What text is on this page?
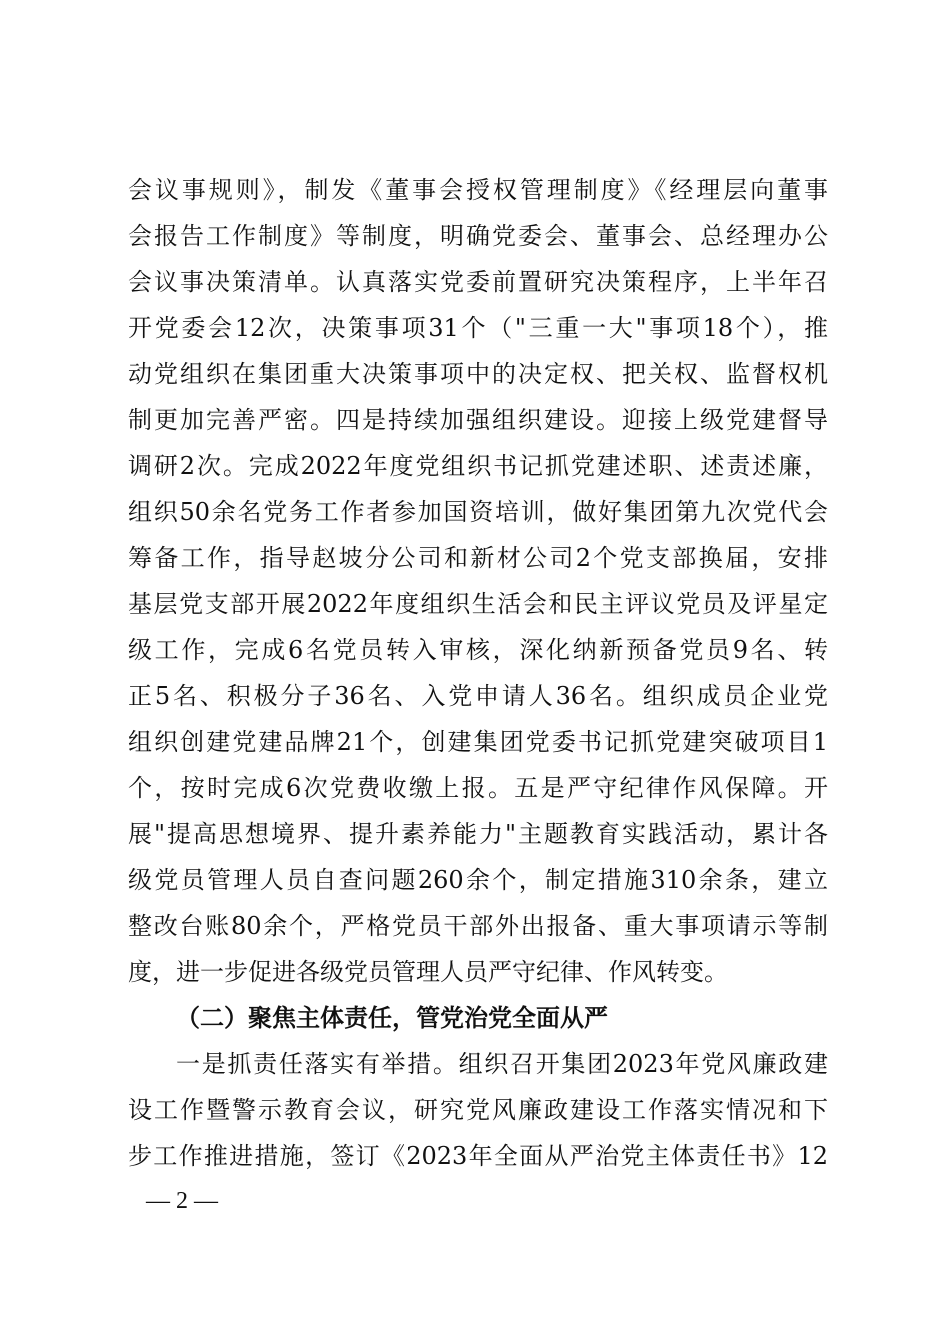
会议事规则》，制发《董事会授权管理制度》《经理层向董事
会报告工作制度》等制度，明确党委会、董事会、总经理办公
会议事决策清单。认真落实党委前置研究决策程序，上半年召
开党委会12次，决策事项31个（"三重一大"事项18个），推
动党组织在集团重大决策事项中的决定权、把关权、监督权机
制更加完善严密。四是持续加强组织建设。迎接上级党建督导
调研2次。完成2022年度党组织书记抓党建述职、述责述廉，
组织50余名党务工作者参加国资培训，做好集团第九次党代会
筹备工作，指导赵坡分公司和新材公司2个党支部换届，安排
基层党支部开展2022年度组织生活会和民主评议党员及评星定
级工作，完成6名党员转入审核，深化纳新预备党员9名、转
正5名、积极分子36名、入党申请人36名。组织成员企业党
组织创建党建品牌21个，创建集团党委书记抓党建突破项目1
个，按时完成6次党费收缴上报。五是严守纪律作风保障。开
展"提高思想境界、提升素养能力"主题教育实践活动，累计各
级党员管理人员自查问题260余个，制定措施310余条，建立
整改台账80余个，严格党员干部外出报备、重大事项请示等制
度，进一步促进各级党员管理人员严守纪律、作风转变。
（二）聚焦主体责任，管党治党全面从严
一是抓责任落实有举措。组织召开集团2023年党风廉政建
设工作暨警示教育会议，研究党风廉政建设工作落实情况和下
步工作推进措施，签订《2023年全面从严治党主体责任书》12
— 2 —
